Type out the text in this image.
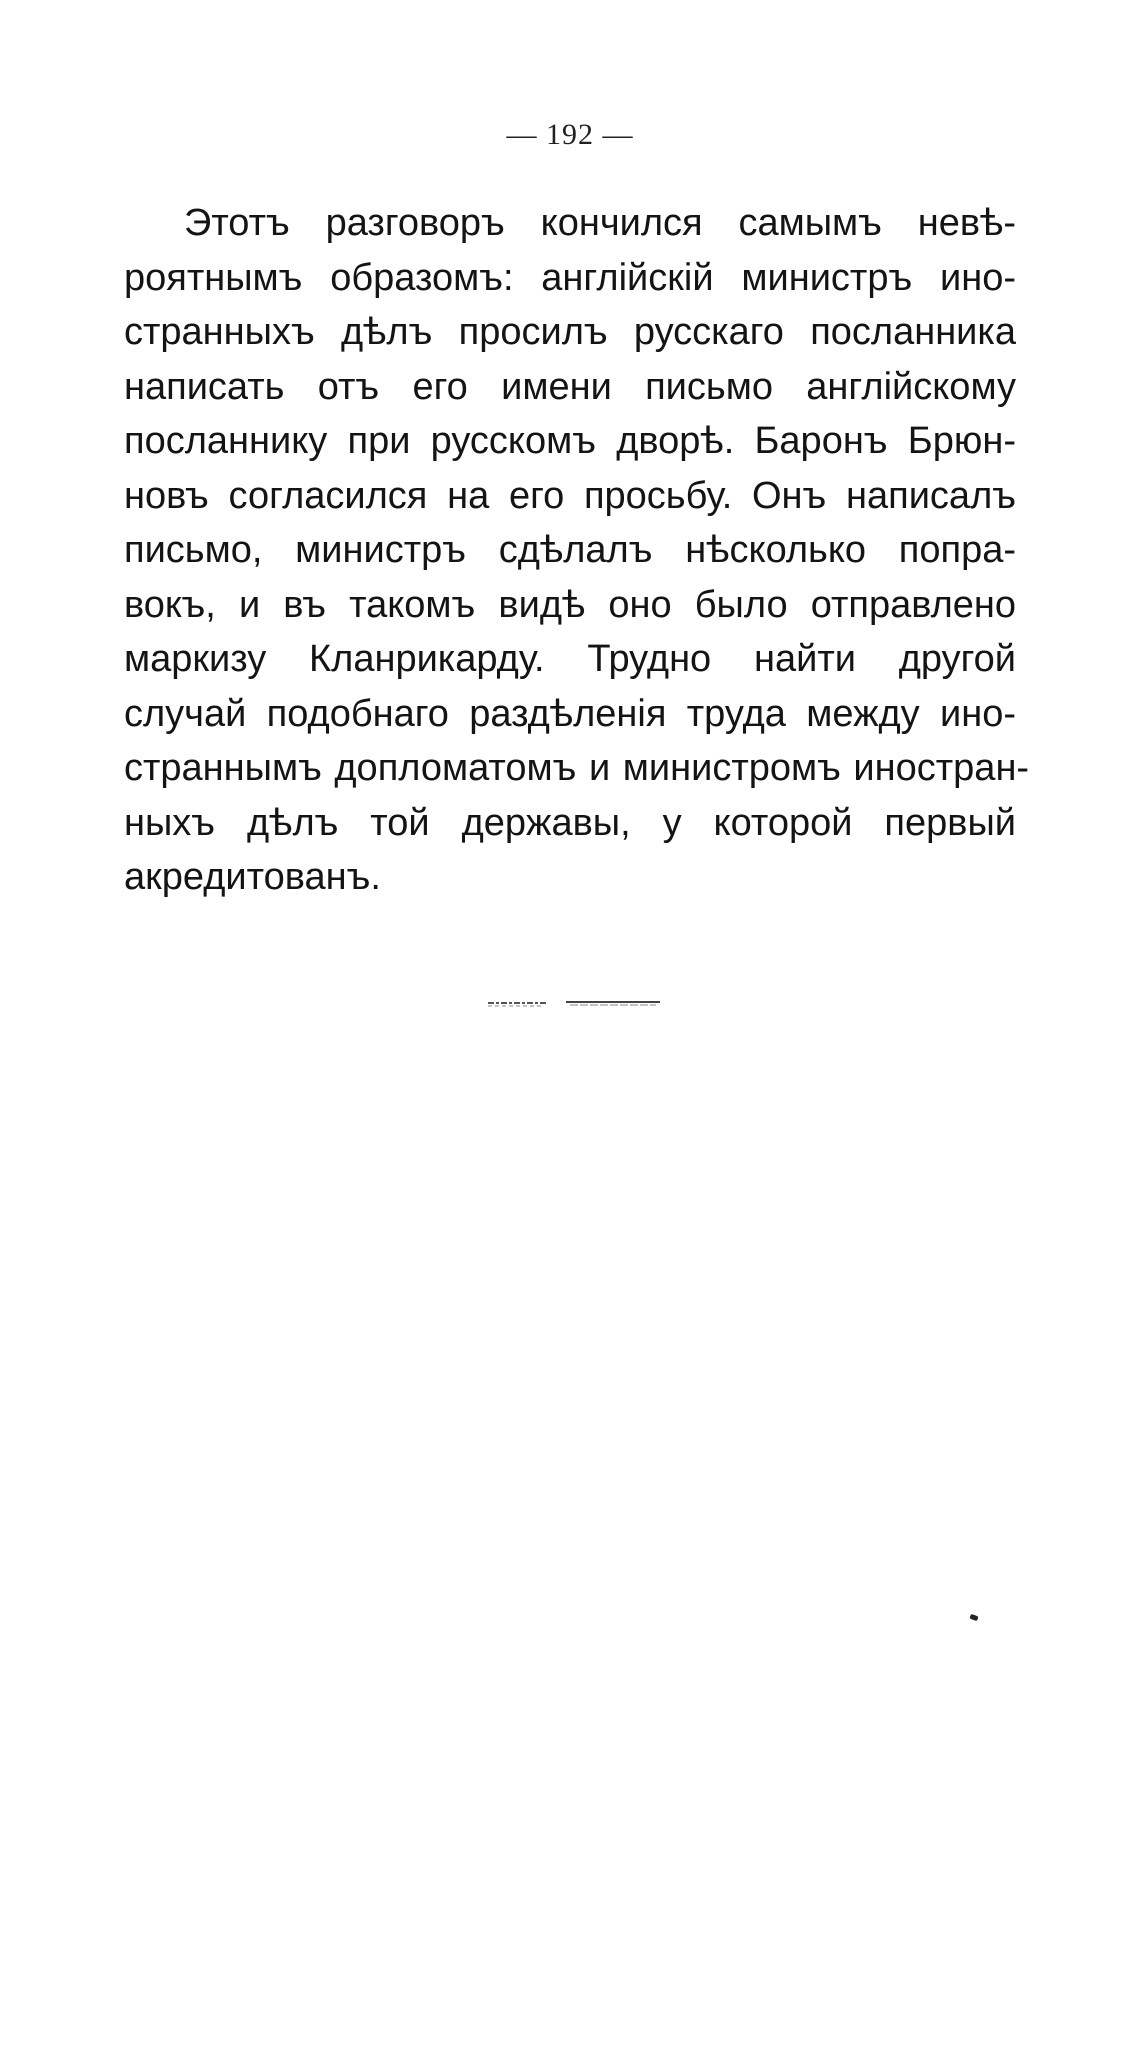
— 192 —
Этотъ разговоръ кончился самымъ невѣ-
роятнымъ образомъ: англійскій министръ ино-
странныхъ дѣлъ просилъ русскаго посланника
написать отъ его имени письмо англійскому
посланнику при русскомъ дворѣ. Баронъ Брюн-
новъ согласился на его просьбу. Онъ написалъ
письмо, министръ сдѣлалъ нѣсколько попра-
вокъ, и въ такомъ видѣ оно было отправлено
маркизу Кланрикарду. Трудно найти другой
случай подобнаго раздѣленія труда между ино-
страннымъ допломатомъ и министромъ иностран-
ныхъ дѣлъ той державы, у которой первый
акредитованъ.
